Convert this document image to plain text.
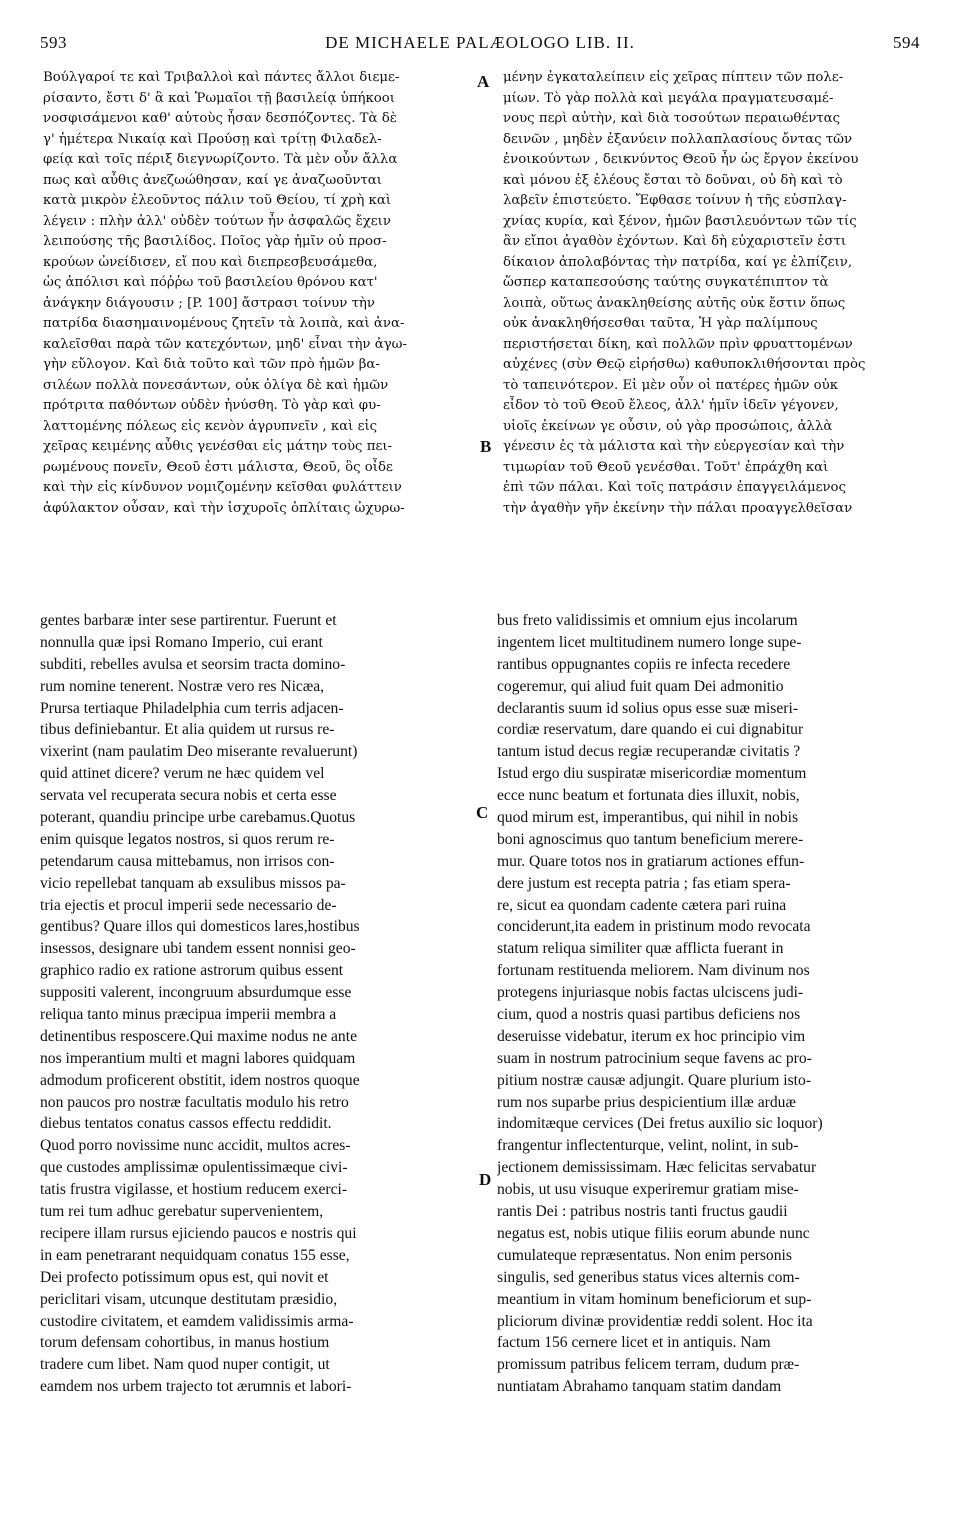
593	DE MICHAELE PALÆOLOGO LIB. II.	594
A
B
C
D
Βούλγαροί τε καὶ Τριβαλλοὶ καὶ πάντες ἄλλοι διεμε-
ρίσαντο, ἔστι δ' ἃ καὶ Ῥωμαῖοι τῇ βασιλείᾳ ὑπήκοοι
νοσφισάμενοι καθ' αὑτοὺς ἦσαν δεσπόζοντες. Τὰ δὲ
γ' ἡμέτερα Νικαίᾳ καὶ Προύσῃ καὶ τρίτῃ Φιλαδελ-
φείᾳ καὶ τοῖς πέριξ διεγνωρίζοντο. Τὰ μὲν οὖν ἄλλα
πως καὶ αὖθις ἀνεζωώθησαν, καί γε ἀναζωοῦνται
κατὰ μικρὸν ἐλεοῦντος πάλιν τοῦ Θείου, τί χρὴ καὶ
λέγειν : πλὴν ἀλλ' οὐδὲν τούτων ἦν ἀσφαλῶς ἔχειν
λειπούσης τῆς βασιλίδος. Ποῖος γὰρ ἡμῖν οὐ προσ-
κρούων ὠνείδισεν, εἴ που καὶ διεπρεσβευσάμεθα,
ὡς ἀπόλισι καὶ πόῤῥω τοῦ βασιλείου θρόνου κατ'
ἀνάγκην διάγουσιν ; [P. 100] ἄστρασι τοίνυν τὴν
πατρίδα διασημαινομένους ζητεῖν τὰ λοιπὰ, καὶ ἀνα-
καλεῖσθαι παρὰ τῶν κατεχόντων, μηδ' εἶναι τὴν ἀγω-
γὴν εὔλογον. Καὶ διὰ τοῦτο καὶ τῶν πρὸ ἡμῶν βα-
σιλέων πολλὰ πονεσάντων, οὐκ ὀλίγα δὲ καὶ ἡμῶν
πρότριτα παθόντων οὐδὲν ἠνύσθη. Τὸ γὰρ καὶ φυ-
λαττομένης πόλεως εἰς κενὸν ἀγρυπνεῖν , καὶ εἰς
χεῖρας κειμένης αὖθις γενέσθαι εἰς μάτην τοὺς πει-
ρωμένους πονεῖν, Θεοῦ ἐστι μάλιστα, Θεοῦ, ὃς οἶδε
καὶ τὴν εἰς κίνδυνον νομιζομένην κεῖσθαι φυλάττειν
ἀφύλακτον οὖσαν, καὶ τὴν ἰσχυροῖς ὁπλίταις ὠχυρω-
μένην ἐγκαταλείπειν εἰς χεῖρας πίπτειν τῶν πολε-
μίων. Τὸ γὰρ πολλὰ καὶ μεγάλα πραγματευσαμέ-
νους περὶ αὐτὴν, καὶ διὰ τοσούτων περαιωθέντας
δεινῶν , μηδὲν ἐξανύειν πολλαπλασίους ὄντας τῶν
ἐνοικούντων , δεικνύντος Θεοῦ ἦν ὡς ἔργον ἐκείνου
καὶ μόνου ἐξ ἐλέους ἔσται τὸ δοῦναι, οὐ δὴ καὶ τὸ
λαβεῖν ἐπιστεύετο. Ἔφθασε τοίνυν ἡ τῆς εὐσπλαγ-
χνίας κυρία, καὶ ξένον, ἡμῶν βασιλευόντων τῶν τίς
ἂν εἴποι ἀγαθὸν ἐχόντων. Καὶ δὴ εὐχαριστεῖν ἐστι
δίκαιον ἀπολαβόντας τὴν πατρίδα, καί γε ἐλπίζειν,
ὥσπερ καταπεσούσης ταύτης συγκατέπιπτον τὰ
λοιπὰ, οὕτως ἀνακληθείσης αὐτῆς οὐκ ἔστιν ὅπως
οὐκ ἀνακληθήσεσθαι ταῦτα, Ἡ γὰρ παλίμπους
περιστήσεται δίκη, καὶ πολλῶν πρὶν φρυαττομένων
αὐχένες (σὺν Θεῷ εἰρήσθω) καθυποκλιθήσονται πρὸς
τὸ ταπεινότερον. Εἰ μὲν οὖν οἱ πατέρες ἡμῶν οὐκ
εἶδον τὸ τοῦ Θεοῦ ἔλεος, ἀλλ' ἡμῖν ἰδεῖν γέγονεν,
υἱοῖς ἐκείνων γε οὖσιν, οὐ γὰρ προσώποις, ἀλλὰ
γένεσιν ἐς τὰ μάλιστα καὶ τὴν εὐεργεσίαν καὶ τὴν
τιμωρίαν τοῦ Θεοῦ γενέσθαι. Τοῦτ' ἐπράχθη καὶ
ἐπὶ τῶν πάλαι. Καὶ τοῖς πατράσιν ἐπαγγειλάμενος
τὴν ἀγαθὴν γῆν ἐκείνην τὴν πάλαι προαγγελθεῖσαν
gentes barbaræ inter sese partirentur. Fuerunt et
nonnulla quæ ipsi Romano Imperio, cui erant
subditi, rebelles avulsa et seorsim tracta domino-
rum nomine tenerent. Nostræ vero res Nicæa,
Prursa tertiaque Philadelphia cum terris adjacen-
tibus definiebantur. Et alia quidem ut rursus re-
vixerint (nam paulatim Deo miserante revaluerunt)
quid attinet dicere? verum ne hæc quidem vel
servata vel recuperata secura nobis et certa esse
poterant, quandiu principe urbe carebamus.Quotus
enim quisque legatos nostros, si quos rerum re-
petendarum causa mittebamus, non irrisos con-
vicio repellebat tanquam ab exsulibus missos pa-
tria ejectis et procul imperii sede necessario de-
gentibus? Quare illos qui domesticos lares,hostibus
insessos, designare ubi tandem essent nonnisi geo-
graphico radio ex ratione astrorum quibus essent
suppositi valerent, incongruum absurdumque esse
reliqua tanto minus præcipua imperii membra a
detinentibus resposcere.Qui maxime nodus ne ante
nos imperantium multi et magni labores quidquam
admodum proficerent obstitit, idem nostros quoque
non paucos pro nostræ facultatis modulo his retro
diebus tentatos conatus cassos effectu reddidit.
Quod porro novissime nunc accidit, multos acres-
que custodes amplissimæ opulentissimæque civi-
tatis frustra vigilasse, et hostium reducem exerci-
tum rei tum adhuc gerebatur supervenientem,
recipere illam rursus ejiciendo paucos e nostris qui
in eam penetrarant nequidquam conatus 155 esse,
Dei profecto potissimum opus est, qui novit et
periclitari visam, utcunque destitutam præsidio,
custodire civitatem, et eamdem validissimis arma-
torum defensam cohortibus, in manus hostium
tradere cum libet. Nam quod nuper contigit, ut
eamdem nos urbem trajecto tot ærumnis et labori-
bus freto validissimis et omnium ejus incolarum
ingentem licet multitudinem numero longe supe-
rantibus oppugnantes copiis re infecta recedere
cogeremur, qui aliud fuit quam Dei admonitio
declarantis suum id solius opus esse suæ miseri-
cordiæ reservatum, dare quando ei cui dignabitur
tantum istud decus regiæ recuperandæ civitatis ?
Istud ergo diu suspiratæ misericordiæ momentum
ecce nunc beatum et fortunata dies illuxit, nobis,
quod mirum est, imperantibus, qui nihil in nobis
boni agnoscimus quo tantum beneficium merere-
mur. Quare totos nos in gratiarum actiones effun-
dere justum est recepta patria ; fas etiam spera-
re, sicut ea quondam cadente cætera pari ruina
conciderunt,ita eadem in pristinum modo revocata
statum reliqua similiter quæ afflicta fuerant in
fortunam restituenda meliorem. Nam divinum nos
protegens injuriasque nobis factas ulciscens judi-
cium, quod a nostris quasi partibus deficiens nos
deseruisse videbatur, iterum ex hoc principio vim
suam in nostrum patrocinium seque favens ac pro-
pitium nostræ causæ adjungit. Quare plurium isto-
rum nos suparbe prius despicientium illæ arduæ
indomitæque cervices (Dei fretus auxilio sic loquor)
frangentur inflectenturque, velint, nolint, in sub-
jectionem demississimam. Hæc felicitas servabatur
nobis, ut usu visuque experiremur gratiam mise-
rantis Dei : patribus nostris tanti fructus gaudii
negatus est, nobis utique filiis eorum abunde nunc
cumulateque repræsentatus. Non enim personis
singulis, sed generibus status vices alternis com-
meantium in vitam hominum beneficiorum et sup-
pliciorum divinæ providentiæ reddi solent. Hoc ita
factum 156 cernere licet et in antiquis. Nam
promissum patribus felicem terram, dudum præ-
nuntiatam Abrahamo tanquam statim dandam
